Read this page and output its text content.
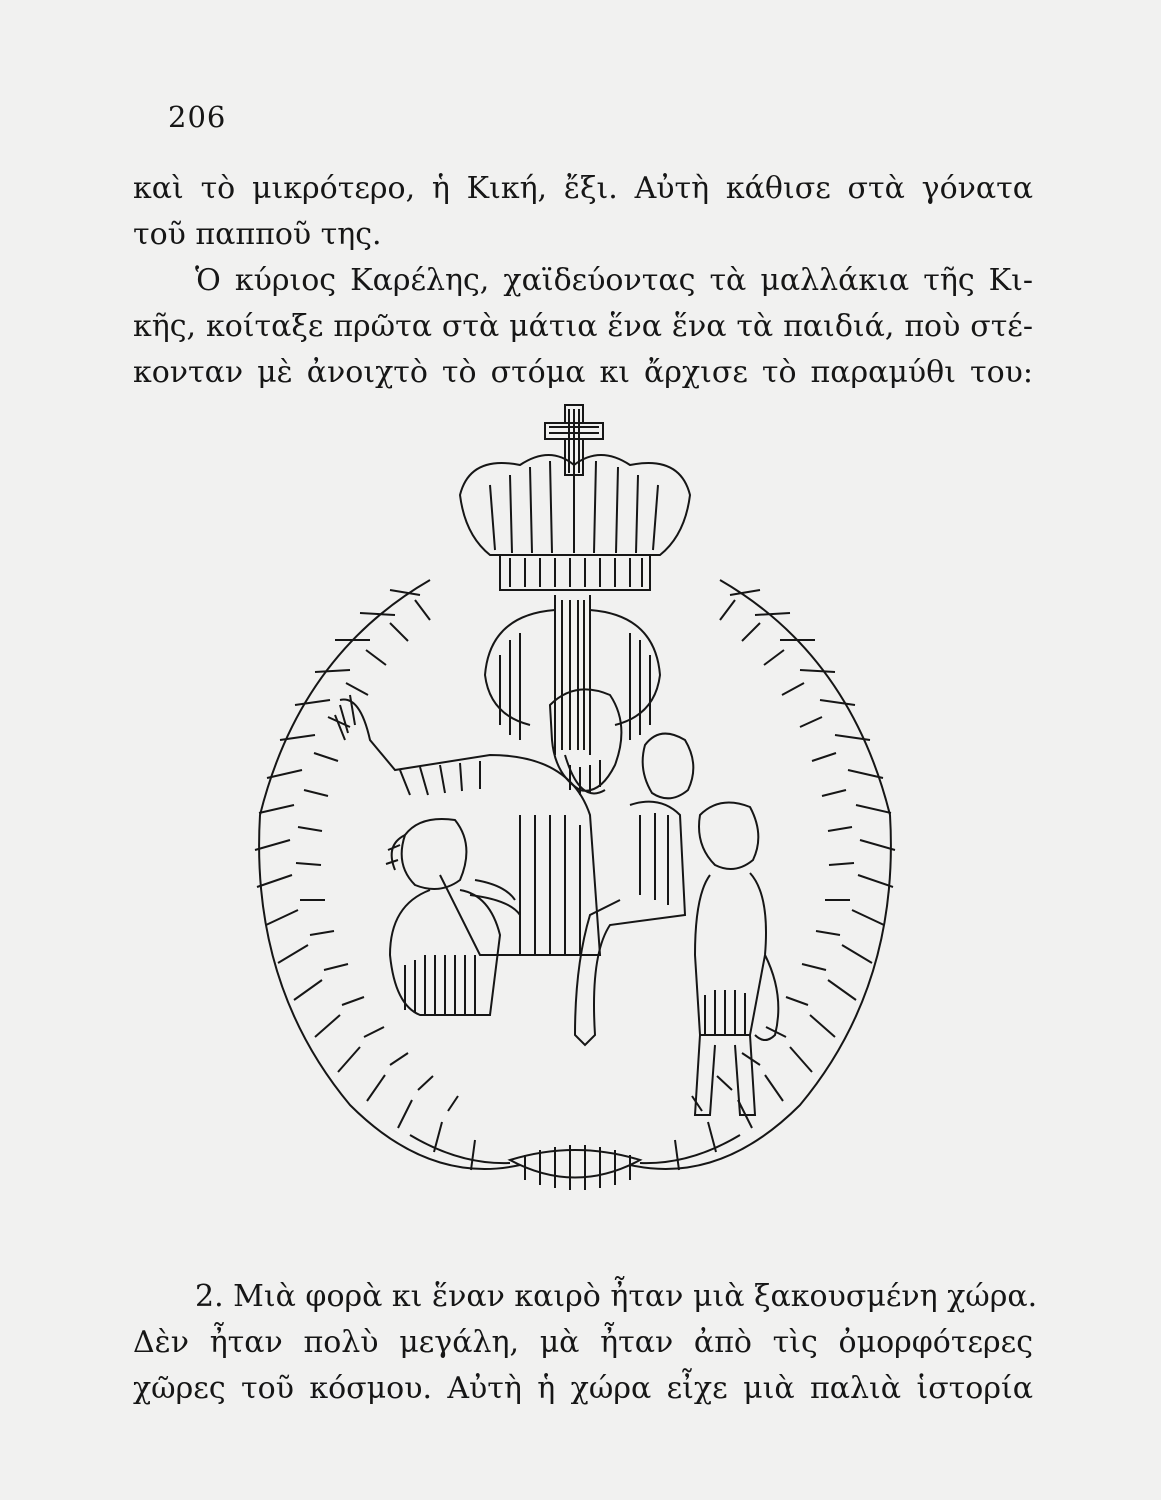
206
καὶ τὸ μικρότερο, ἡ Κική, ἔξι. Αὐτὴ κάθισε στὰ γόνατα
τοῦ παπποῦ της.
Ὁ κύριος Καρέλης, χαϊδεύοντας τὰ μαλλάκια τῆς Κι-
κῆς, κοίταξε πρῶτα στὰ μάτια ἕνα ἕνα τὰ παιδιά, ποὺ στέ-
κονταν μὲ ἀνοιχτὸ τὸ στόμα κι ἄρχισε τὸ παραμύθι του:
2. Μιὰ φορὰ κι ἕναν καιρὸ ἦταν μιὰ ξακουσμένη χώρα.
Δὲν ἦταν πολὺ μεγάλη, μὰ ἦταν ἀπὸ τὶς ὀμορφότερες
χῶρες τοῦ κόσμου. Αὐτὴ ἡ χώρα εἶχε μιὰ παλιὰ ἱστορία
